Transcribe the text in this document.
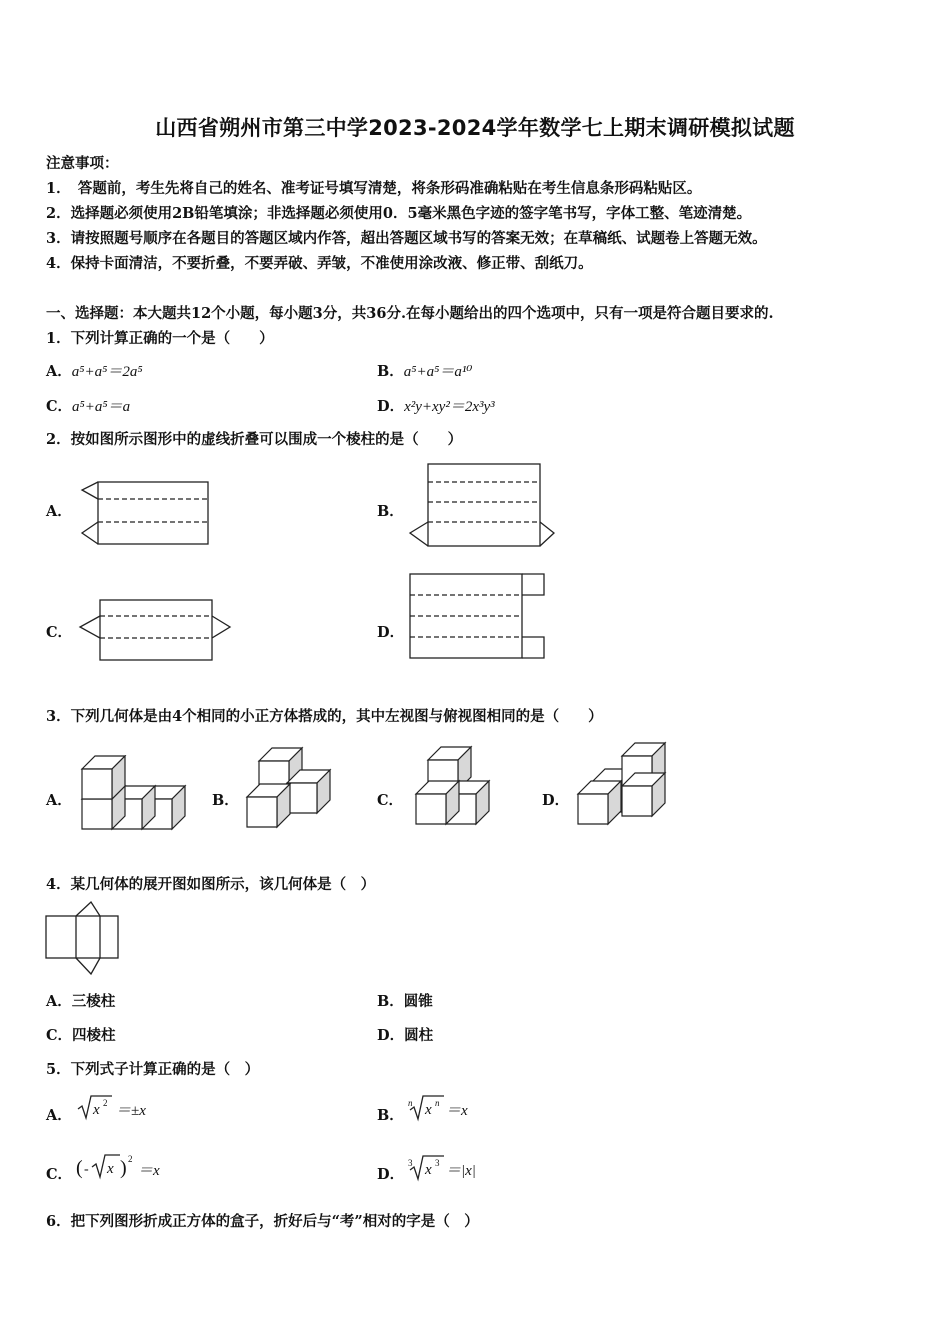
山西省朔州市第三中学2023-2024学年数学七上期末调研模拟试题
注意事项：
1．　答题前，考生先将自己的姓名、准考证号填写清楚，将条形码准确粘贴在考生信息条形码粘贴区。
2．选择题必须使用2B铅笔填涂；非选择题必须使用0．5毫米黑色字迹的签字笔书写，字体工整、笔迹清楚。
3．请按照题号顺序在各题目的答题区域内作答，超出答题区域书写的答案无效；在草稿纸、试题卷上答题无效。
4．保持卡面清洁，不要折叠，不要弄破、弄皱，不准使用涂改液、修正带、刮纸刀。
一、选择题：本大题共12个小题，每小题3分，共36分.在每小题给出的四个选项中，只有一项是符合题目要求的.
1．下列计算正确的一个是（　　）
A．a⁵+a⁵＝2a⁵	B．a⁵+a⁵＝a¹⁰
C．a⁵+a⁵＝a	D．x²y+xy²＝2x³y³
2．按如图所示图形中的虚线折叠可以围成一个棱柱的是（　　）
A．	B．
C．	D．
3．下列几何体是由4个相同的小正方体搭成的，其中左视图与俯视图相同的是（　　）
A．	B．	C．	D．
4．某几何体的展开图如图所示，该几何体是（　）
A．三棱柱	B．圆锥
C．四棱柱	D．圆柱
5．下列式子计算正确的是（　）
A． x 2 ＝±x	B．
n x n ＝x
C． ( - x ) 2
＝x	D．
3 x 3 ＝|x|
6．把下列图形折成正方体的盒子，折好后与“考”相对的字是（　）
